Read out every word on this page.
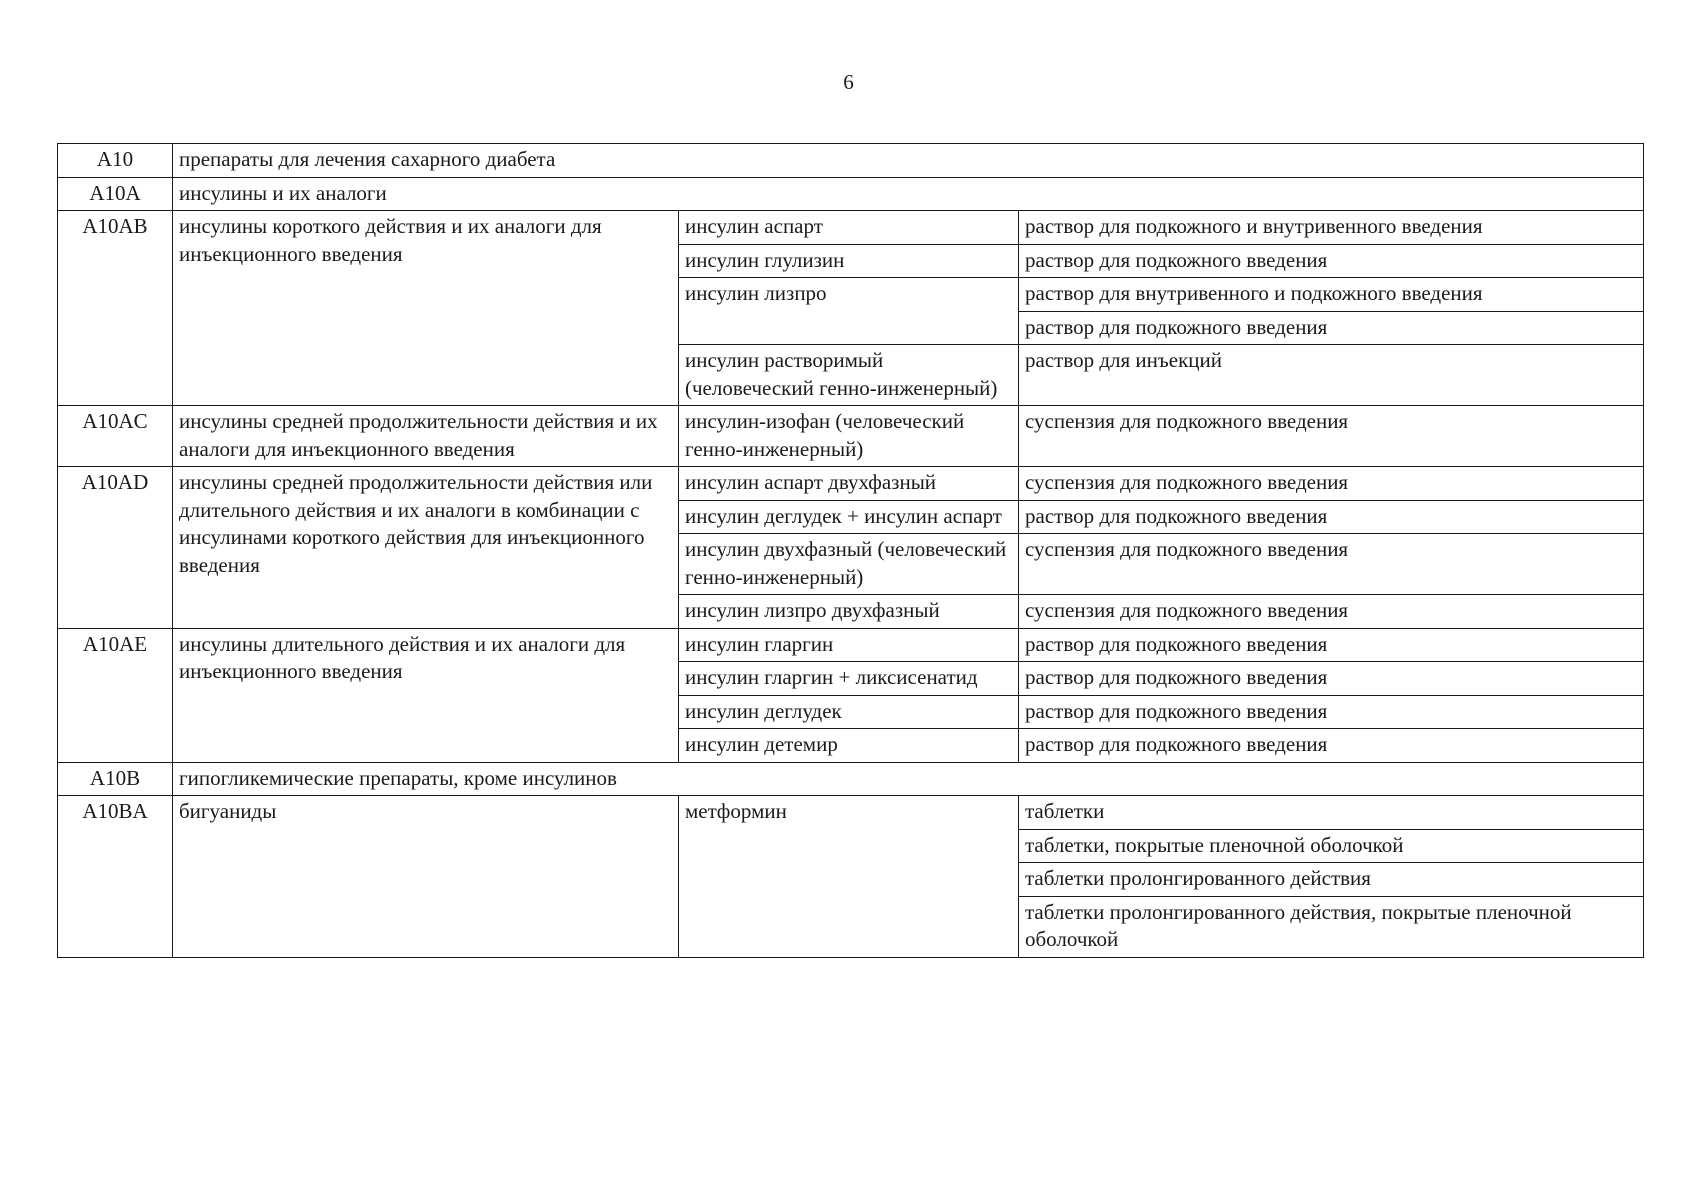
6
A10	препараты для лечения сахарного диабета		
A10A	инсулины и их аналоги		
A10AB	инсулины короткого действия и их аналоги для инъекционного введения	инсулин аспарт	раствор для подкожного и внутривенного введения
		инсулин глулизин	раствор для подкожного введения
		инсулин лизпро	раствор для внутривенного и подкожного введения
			раствор для подкожного введения
		инсулин растворимый (человеческий генно-инженерный)	раствор для инъекций
A10AC	инсулины средней продолжительности действия и их аналоги для инъекционного введения	инсулин-изофан (человеческий генно-инженерный)	суспензия для подкожного введения
A10AD	инсулины средней продолжительности действия или длительного действия и их аналоги в комбинации с инсулинами короткого действия для инъекционного введения	инсулин аспарт двухфазный	суспензия для подкожного введения
		инсулин деглудек + инсулин аспарт	раствор для подкожного введения
		инсулин двухфазный (человеческий генно-инженерный)	суспензия для подкожного введения
		инсулин лизпро двухфазный	суспензия для подкожного введения
A10AE	инсулины длительного действия и их аналоги для инъекционного введения	инсулин гларгин	раствор для подкожного введения
		инсулин гларгин + ликсисенатид	раствор для подкожного введения
		инсулин деглудек	раствор для подкожного введения
		инсулин детемир	раствор для подкожного введения
A10B	гипогликемические препараты, кроме инсулинов		
A10BA	бигуаниды	метформин	таблетки
			таблетки, покрытые пленочной оболочкой
			таблетки пролонгированного действия
			таблетки пролонгированного действия, покрытые пленочной оболочкой
